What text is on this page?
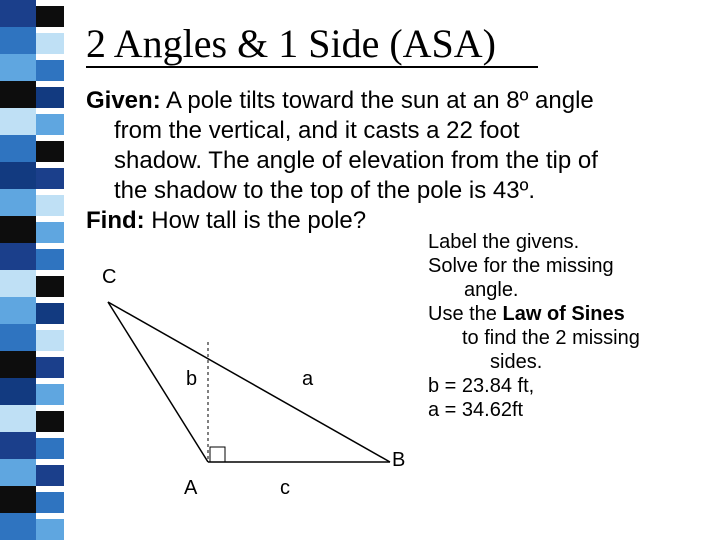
2 Angles & 1 Side (ASA)

Given: A pole tilts toward the sun at an 8º angle

from the vertical, and it casts a 22 foot

shadow. The angle of elevation from the tip of

the shadow to the top of the pole is 43º.

Find: How tall is the pole?

Label the givens.

Solve for the missing

angle.

Use the Law of Sines

to find the 2 missing

sides.

b = 23.84 ft,

a = 34.62ft

C
b	a
B
A	c
